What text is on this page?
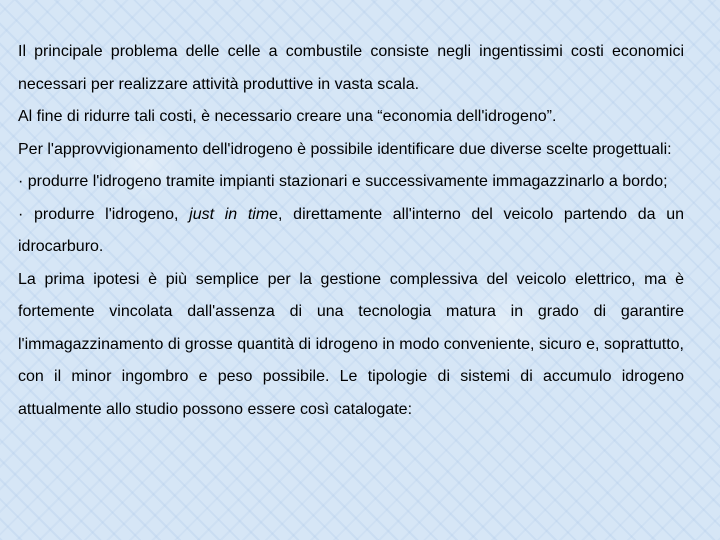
Il principale problema delle celle a combustile consiste negli ingentissimi costi economici necessari per realizzare attività produttive in vasta scala.

Al fine di ridurre tali costi, è necessario creare una “economia dell'idrogeno”.

Per l'approvvigionamento dell'idrogeno è possibile identificare due diverse scelte progettuali:

· produrre l'idrogeno tramite impianti stazionari e successivamente immagazzinarlo a bordo;

· produrre l'idrogeno, just in time, direttamente all'interno del veicolo partendo da un idrocarburo.

La prima ipotesi è più semplice per la gestione complessiva del veicolo elettrico, ma è fortemente vincolata dall'assenza di una tecnologia matura in grado di garantire l'immagazzinamento di grosse quantità di idrogeno in modo conveniente, sicuro e, soprattutto, con il minor ingombro e peso possibile. Le tipologie di sistemi di accumulo idrogeno attualmente allo studio possono essere così catalogate:
